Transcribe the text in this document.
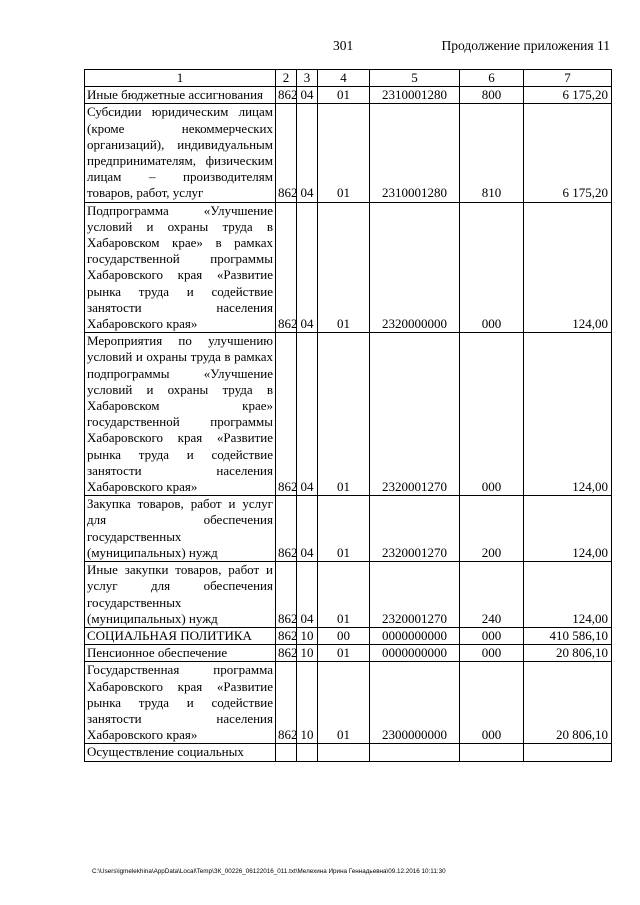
301	Продолжение приложения 11
1	2	3	4	5	6	7
Иные бюджетные ассигнования	862	04	01	2310001280	800	6 175,20
Субсидии юридическим лицам (кроме некоммерческих организаций), индивидуальным предпринимателям, физическим лицам – производителям товаров, работ, услуг	862	04	01	2310001280	810	6 175,20
Подпрограмма «Улучшение условий и охраны труда в Хабаровском крае» в рамках государственной программы Хабаровского края «Развитие рынка труда и содействие занятости населения Хабаровского края»	862	04	01	2320000000	000	124,00
Мероприятия по улучшению условий и охраны труда в рамках подпрограммы «Улучшение условий и охраны труда в Хабаровском крае» государственной программы Хабаровского края «Развитие рынка труда и содействие занятости населения Хабаровского края»	862	04	01	2320001270	000	124,00
Закупка товаров, работ и услуг для обеспечения государственных (муниципальных) нужд	862	04	01	2320001270	200	124,00
Иные закупки товаров, работ и услуг для обеспечения государственных (муниципальных) нужд	862	04	01	2320001270	240	124,00
СОЦИАЛЬНАЯ ПОЛИТИКА	862	10	00	0000000000	000	410 586,10
Пенсионное обеспечение	862	10	01	0000000000	000	20 806,10
Государственная программа Хабаровского края «Развитие рынка труда и содействие занятости населения Хабаровского края»	862	10	01	2300000000	000	20 806,10
Осуществление социальных						
C:\Users\igmelekhina\AppData\Local\Temp\ЗК_00226_06122016_011.txt\Мелехина Ирина Геннадьевна\09.12.2016 10:11:30
